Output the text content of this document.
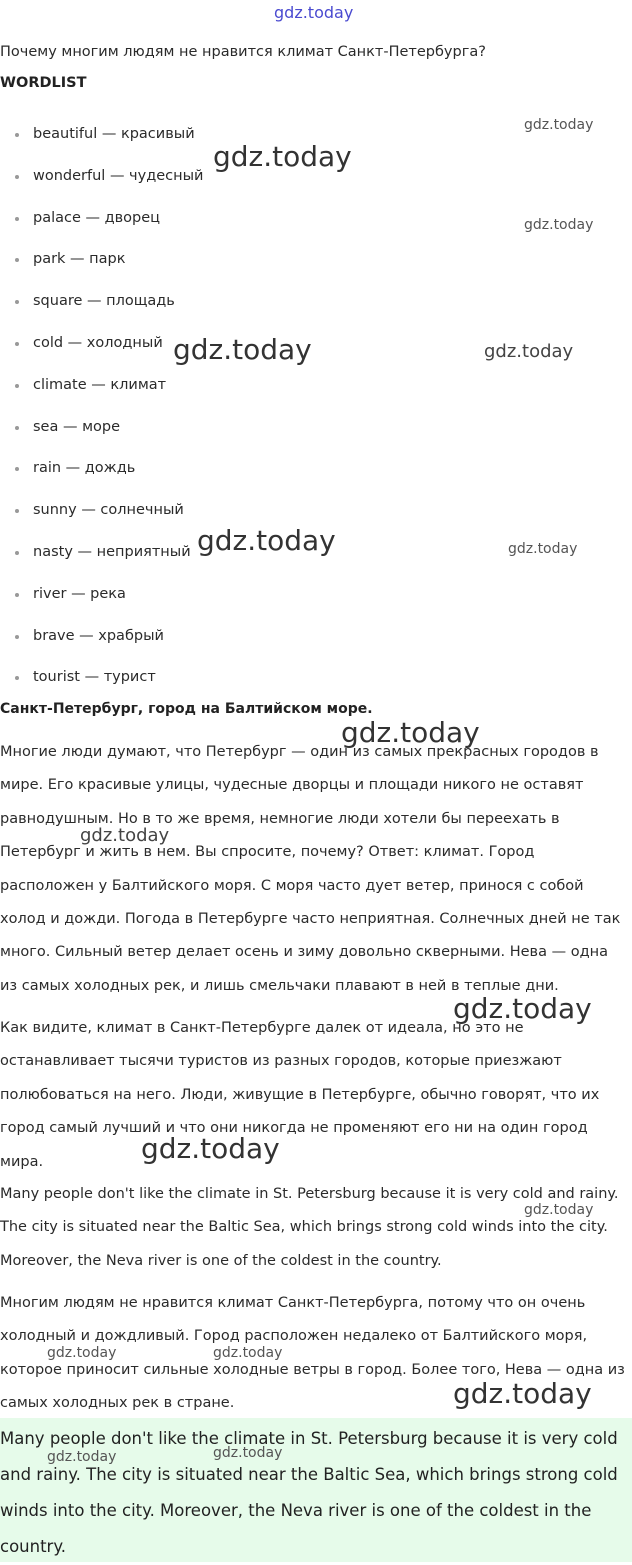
gdz.today
gdz.today
gdz.today
gdz.today
gdz.today	gdz.today
gdz.today	gdz.today
gdz.today
gdz.today
gdz.today
gdz.today
gdz.today
gdz.today	gdz.today
gdz.today
gdz.today	gdz.today
Почему многим людям не нравится климат Санкт-Петербурга?
WORDLIST
beautiful — красивый
wonderful — чудесный
palace — дворец
park — парк
square — площадь
cold — холодный
climate — климат
sea — море
rain — дождь
sunny — солнечный
nasty — неприятный
river — река
brave — храбрый
tourist — турист
Санкт-Петербург, город на Балтийском море.

Многие люди думают, что Петербург — один из самых прекрасных городов в мире. Его красивые улицы, чудесные дворцы и площади никого не оставят равнодушным. Но в то же время, немногие люди хотели бы переехать в Петербург и жить в нем. Вы спросите, почему? Ответ: климат. Город расположен у Балтийского моря. С моря часто дует ветер, принося с собой холод и дожди. Погода в Петербурге часто неприятная. Солнечных дней не так много. Сильный ветер делает осень и зиму довольно скверными. Нева — одна из самых холодных рек, и лишь смельчаки плавают в ней в теплые дни.

Как видите, климат в Санкт-Петербурге далек от идеала, но это не останавливает тысячи туристов из разных городов, которые приезжают полюбоваться на него. Люди, живущие в Петербурге, обычно говорят, что их город самый лучший и что они никогда не променяют его ни на один город мира.

Many people don't like the climate in St. Petersburg because it is very cold and rainy. The city is situated near the Baltic Sea, which brings strong cold winds into the city. Moreover, the Neva river is one of the coldest in the country.

Многим людям не нравится климат Санкт-Петербурга, потому что он очень холодный и дождливый. Город расположен недалеко от Балтийского моря, которое приносит сильные холодные ветры в город. Более того, Нева — одна из самых холодных рек в стране.

Many people don't like the climate in St. Petersburg because it is very cold and rainy. The city is situated near the Baltic Sea, which brings strong cold winds into the city. Moreover, the Neva river is one of the coldest in the country.
